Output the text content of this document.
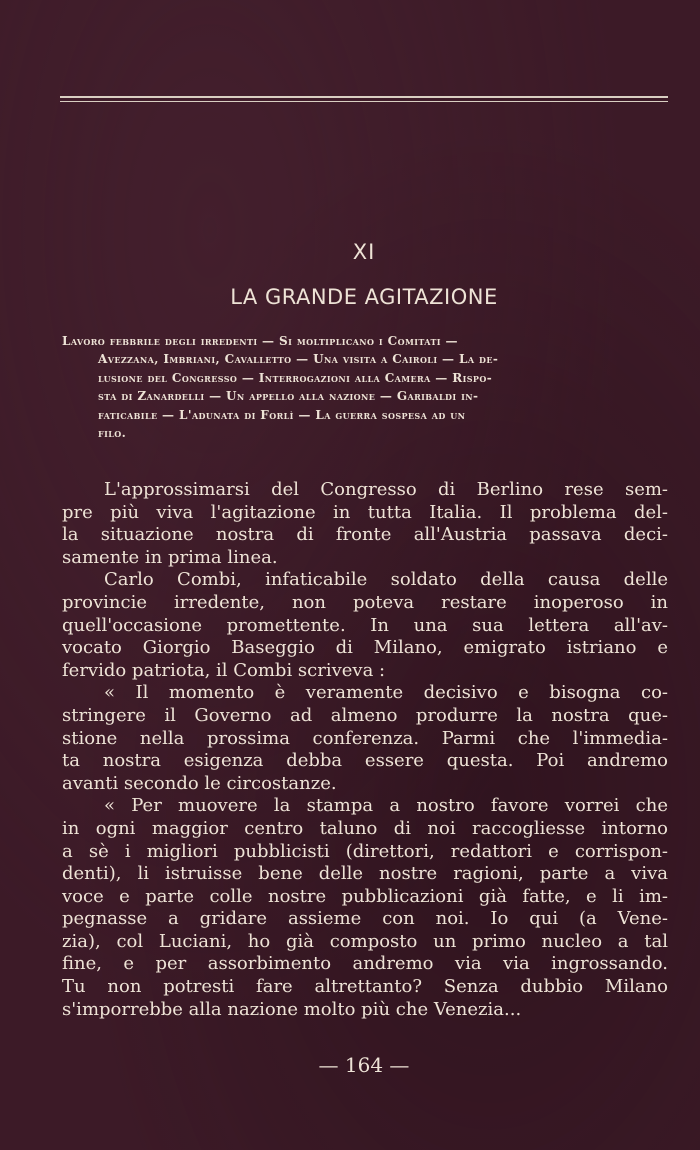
XI
LA GRANDE AGITAZIONE
Lavoro febbrile degli irredenti — Si moltiplicano i Comitati —
Avezzana, Imbriani, Cavalletto — Una visita a Cairoli — La de-
lusione del Congresso — Interrogazioni alla Camera — Rispo-
sta di Zanardelli — Un appello alla nazione — Garibaldi in-
faticabile — L'adunata di Forlì — La guerra sospesa ad un
filo.
L'approssimarsi del Congresso di Berlino rese sem-
pre più viva l'agitazione in tutta Italia. Il problema del-
la situazione nostra di fronte all'Austria passava deci-
samente in prima linea.
Carlo Combi, infaticabile soldato della causa delle
provincie irredente, non poteva restare inoperoso in
quell'occasione promettente. In una sua lettera all'av-
vocato Giorgio Baseggio di Milano, emigrato istriano e
fervido patriota, il Combi scriveva :
« Il momento è veramente decisivo e bisogna co-
stringere il Governo ad almeno produrre la nostra que-
stione nella prossima conferenza. Parmi che l'immedia-
ta nostra esigenza debba essere questa. Poi andremo
avanti secondo le circostanze.
« Per muovere la stampa a nostro favore vorrei che
in ogni maggior centro taluno di noi raccogliesse intorno
a sè i migliori pubblicisti (direttori, redattori e corrispon-
denti), li istruisse bene delle nostre ragioni, parte a viva
voce e parte colle nostre pubblicazioni già fatte, e li im-
pegnasse a gridare assieme con noi. Io qui (a Vene-
zia), col Luciani, ho già composto un primo nucleo a tal
fine, e per assorbimento andremo via via ingrossando.
Tu non potresti fare altrettanto? Senza dubbio Milano
s'imporrebbe alla nazione molto più che Venezia...
— 164 —
